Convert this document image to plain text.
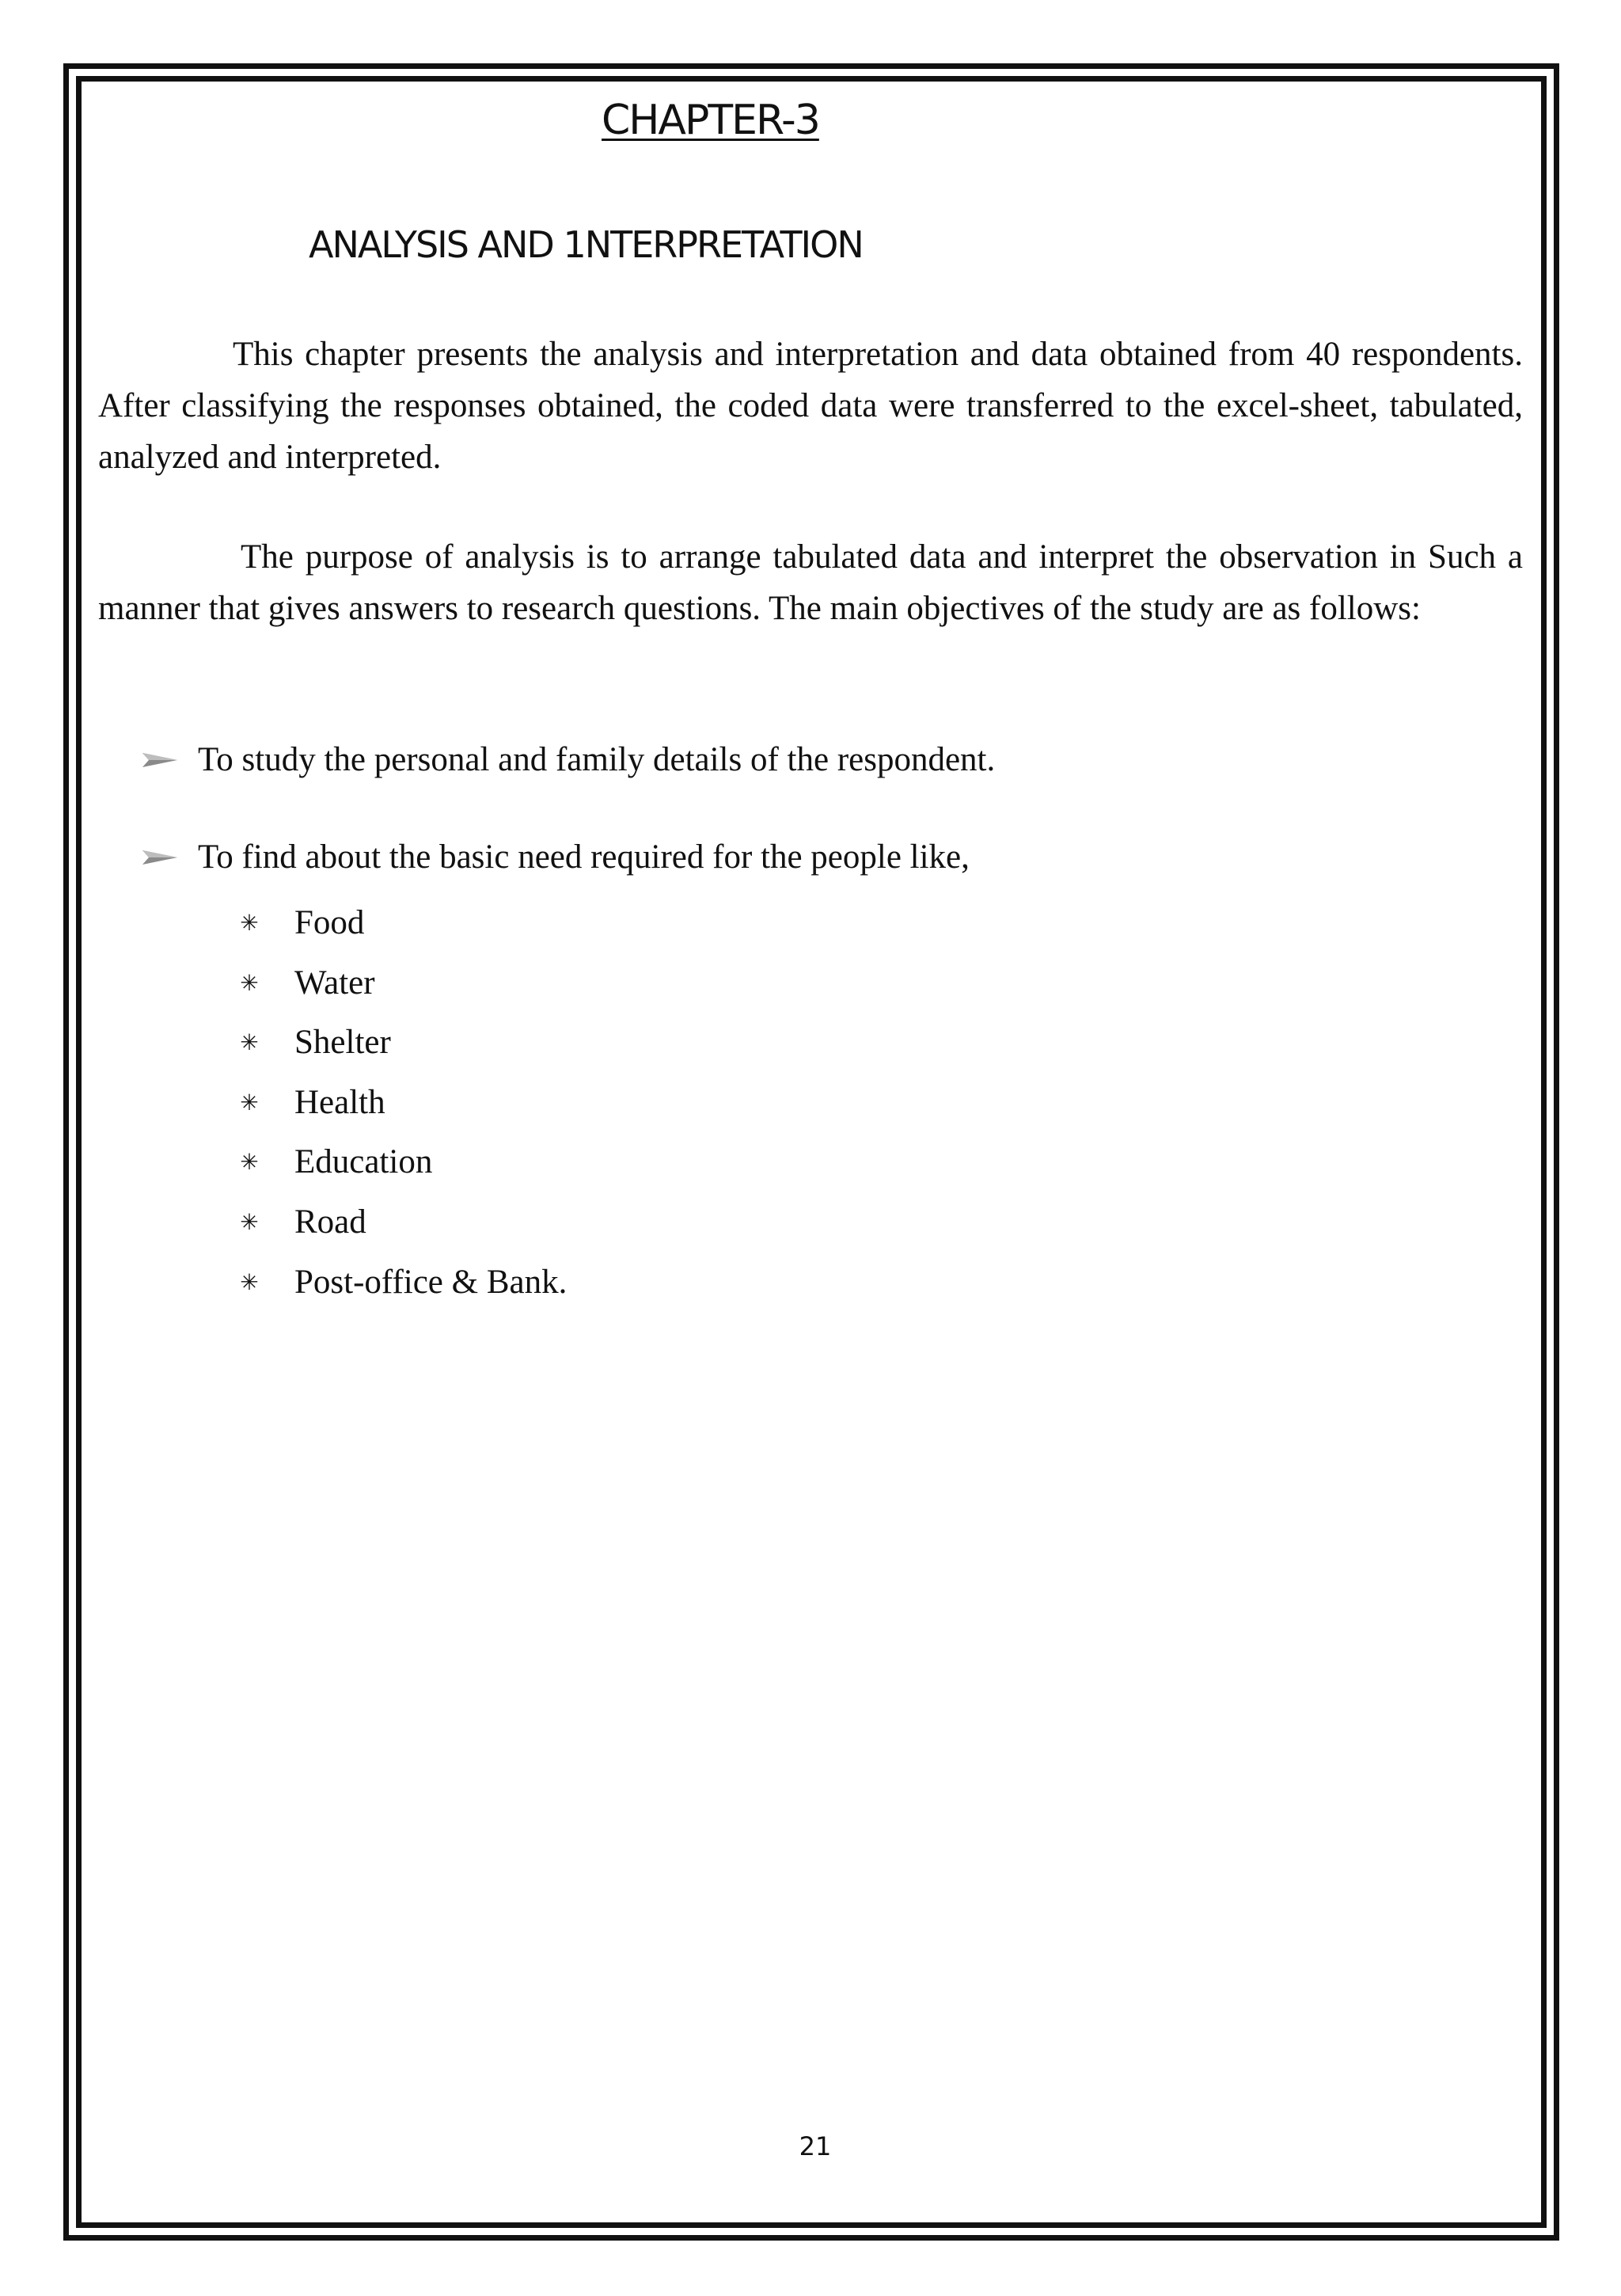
CHAPTER-3
ANALYSIS AND 1NTERPRETATION

This chapter presents the analysis and interpretation and data obtained from 40 respondents. After classifying the responses obtained, the coded data were transferred to the excel-sheet, tabulated, analyzed and interpreted.

The purpose of analysis is to arrange tabulated data and interpret the observation in Such a manner that gives answers to research questions. The main objectives of the study are as follows:

To study the personal and family details of the respondent.
To find about the basic need required for the people like,
✳ Food
✳ Water
✳ Shelter
✳ Health
✳ Education
✳ Road
✳ Post-office & Bank.
21
